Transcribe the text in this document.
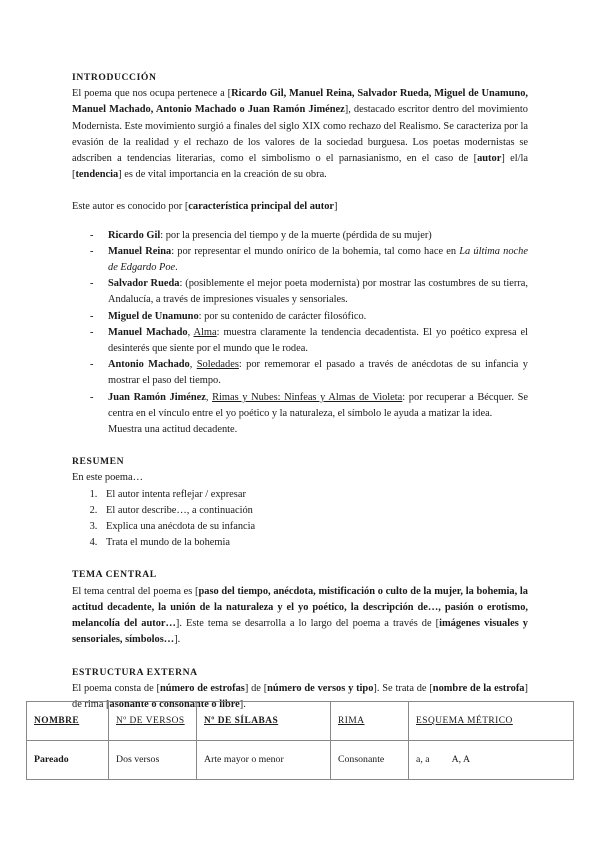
INTRODUCCIÓN

El poema que nos ocupa pertenece a [Ricardo Gil, Manuel Reina, Salvador Rueda, Miguel de Unamuno, Manuel Machado, Antonio Machado o Juan Ramón Jiménez], destacado escritor dentro del movimiento Modernista. Este movimiento surgió a finales del siglo XIX como rechazo del Realismo. Se caracteriza por la evasión de la realidad y el rechazo de los valores de la sociedad burguesa. Los poetas modernistas se adscriben a tendencias literarias, como el simbolismo o el parnasianismo, en el caso de [autor] el/la [tendencia] es de vital importancia en la creación de su obra.

Este autor es conocido por [característica principal del autor]

- Ricardo Gil: por la presencia del tiempo y de la muerte (pérdida de su mujer)
- Manuel Reina: por representar el mundo onírico de la bohemia, tal como hace en La última noche de Edgardo Poe.
- Salvador Rueda: (posiblemente el mejor poeta modernista) por mostrar las costumbres de su tierra, Andalucía, a través de impresiones visuales y sensoriales.
- Miguel de Unamuno: por su contenido de carácter filosófico.
- Manuel Machado, Alma: muestra claramente la tendencia decadentista. El yo poético expresa el desinterés que siente por el mundo que le rodea.
- Antonio Machado, Soledades: por rememorar el pasado a través de anécdotas de su infancia y mostrar el paso del tiempo.
- Juan Ramón Jiménez, Rimas y Nubes: Ninfeas y Almas de Violeta: por recuperar a Bécquer. Se centra en el vínculo entre el yo poético y la naturaleza, el símbolo le ayuda a matizar la idea.
Muestra una actitud decadente.
RESUMEN

En este poema…

1. El autor intenta reflejar / expresar
2. El autor describe…, a continuación
3. Explica una anécdota de su infancia
4. Trata el mundo de la bohemia
TEMA CENTRAL

El tema central del poema es [paso del tiempo, anécdota, mistificación o culto de la mujer, la bohemia, la actitud decadente, la unión de la naturaleza y el yo poético, la descripción de…, pasión o erotismo, melancolía del autor…]. Este tema se desarrolla a lo largo del poema a través de [imágenes visuales y sensoriales, símbolos…].

ESTRUCTURA EXTERNA

El poema consta de [número de estrofas] de [número de versos y tipo]. Se trata de [nombre de la estrofa] de rima [asonante o consonante o libre].

NOMBRE	Nº DE VERSOS	Nº DE SÍLABAS	RIMA	ESQUEMA MÉTRICO
Pareado	Dos versos	Arte mayor o menor	Consonante	a, a A, A
